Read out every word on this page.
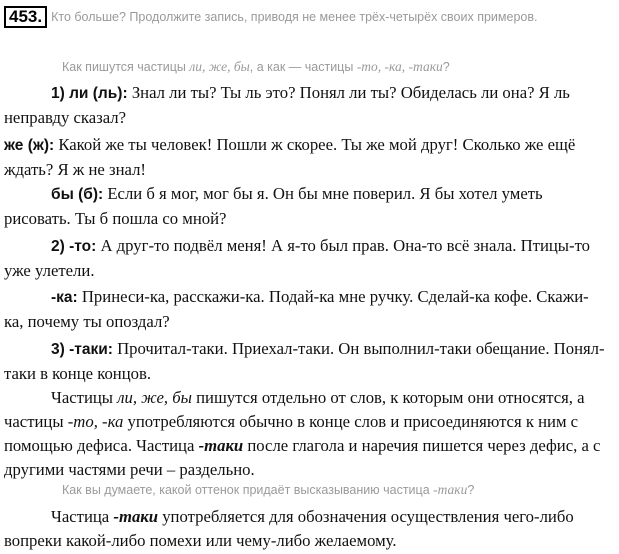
453. Кто больше? Продолжите запись, приводя не менее трёх-четырёх своих примеров.
Как пишутся частицы ли, же, бы, а как — частицы -то, -ка, -таки?
1) ли (ль): Знал ли ты? Ты ль это? Понял ли ты? Обиделась ли она? Я ль неправду сказал?
же (ж): Какой же ты человек! Пошли ж скорее. Ты же мой друг! Сколько же ещё ждать? Я ж не знал!
бы (б): Если б я мог, мог бы я. Он бы мне поверил. Я бы хотел уметь рисовать. Ты б пошла со мной?
2) -то: А друг-то подвёл меня! А я-то был прав. Она-то всё знала. Птицы-то уже улетели.
-ка: Принеси-ка, расскажи-ка. Подай-ка мне ручку. Сделай-ка кофе. Скажи-ка, почему ты опоздал?
3) -таки: Прочитал-таки. Приехал-таки. Он выполнил-таки обещание. Понял-таки в конце концов.
Частицы ли, же, бы пишутся отдельно от слов, к которым они относятся, а частицы -то, -ка употребляются обычно в конце слов и присоединяются к ним с помощью дефиса. Частица -таки после глагола и наречия пишется через дефис, а с другими частями речи – раздельно.
Как вы думаете, какой оттенок придаёт высказыванию частица -таки?
Частица -таки употребляется для обозначения осуществления чего-либо вопреки какой-либо помехи или чему-либо желаемому.
